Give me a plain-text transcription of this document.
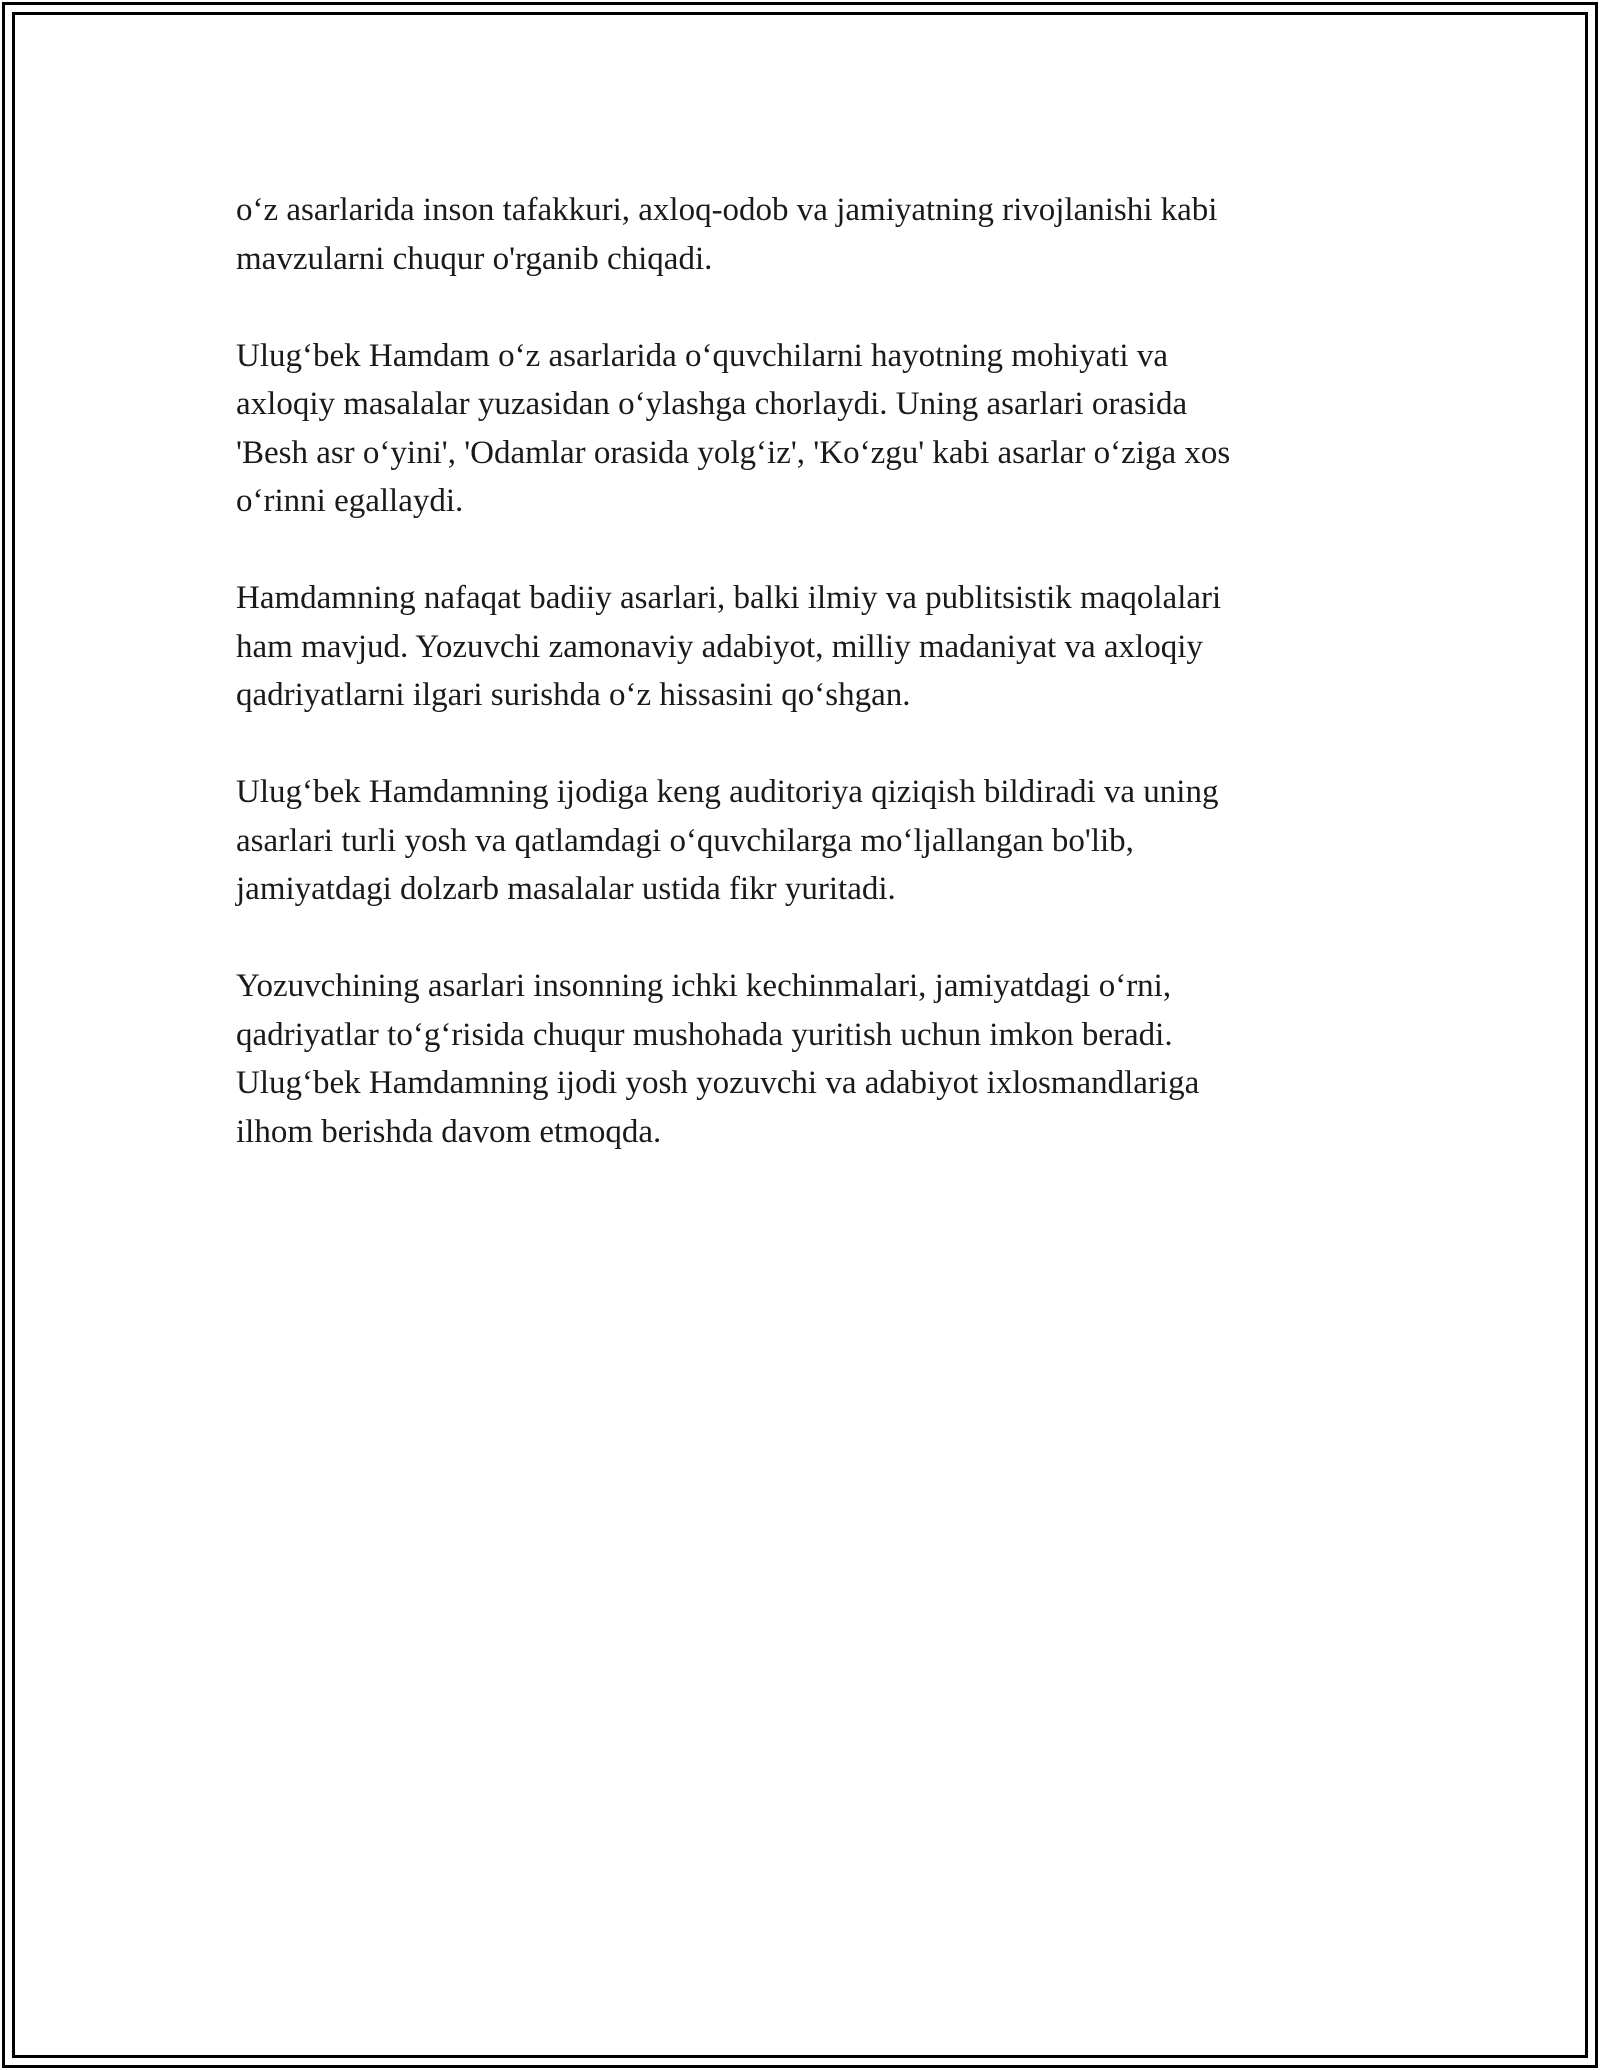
o‘z asarlarida inson tafakkuri, axloq-odob va jamiyatning rivojlanishi kabi
mavzularni chuqur o'rganib chiqadi.

Ulug‘bek Hamdam o‘z asarlarida o‘quvchilarni hayotning mohiyati va
axloqiy masalalar yuzasidan o‘ylashga chorlaydi. Uning asarlari orasida
'Besh asr o‘yini', 'Odamlar orasida yolg‘iz', 'Ko‘zgu' kabi asarlar o‘ziga xos
o‘rinni egallaydi.

Hamdamning nafaqat badiiy asarlari, balki ilmiy va publitsistik maqolalari
ham mavjud. Yozuvchi zamonaviy adabiyot, milliy madaniyat va axloqiy
qadriyatlarni ilgari surishda o‘z hissasini qo‘shgan.

Ulug‘bek Hamdamning ijodiga keng auditoriya qiziqish bildiradi va uning
asarlari turli yosh va qatlamdagi o‘quvchilarga mo‘ljallangan bo'lib,
jamiyatdagi dolzarb masalalar ustida fikr yuritadi.

Yozuvchining asarlari insonning ichki kechinmalari, jamiyatdagi o‘rni,
qadriyatlar to‘g‘risida chuqur mushohada yuritish uchun imkon beradi.
Ulug‘bek Hamdamning ijodi yosh yozuvchi va adabiyot ixlosmandlariga
ilhom berishda davom etmoqda.
